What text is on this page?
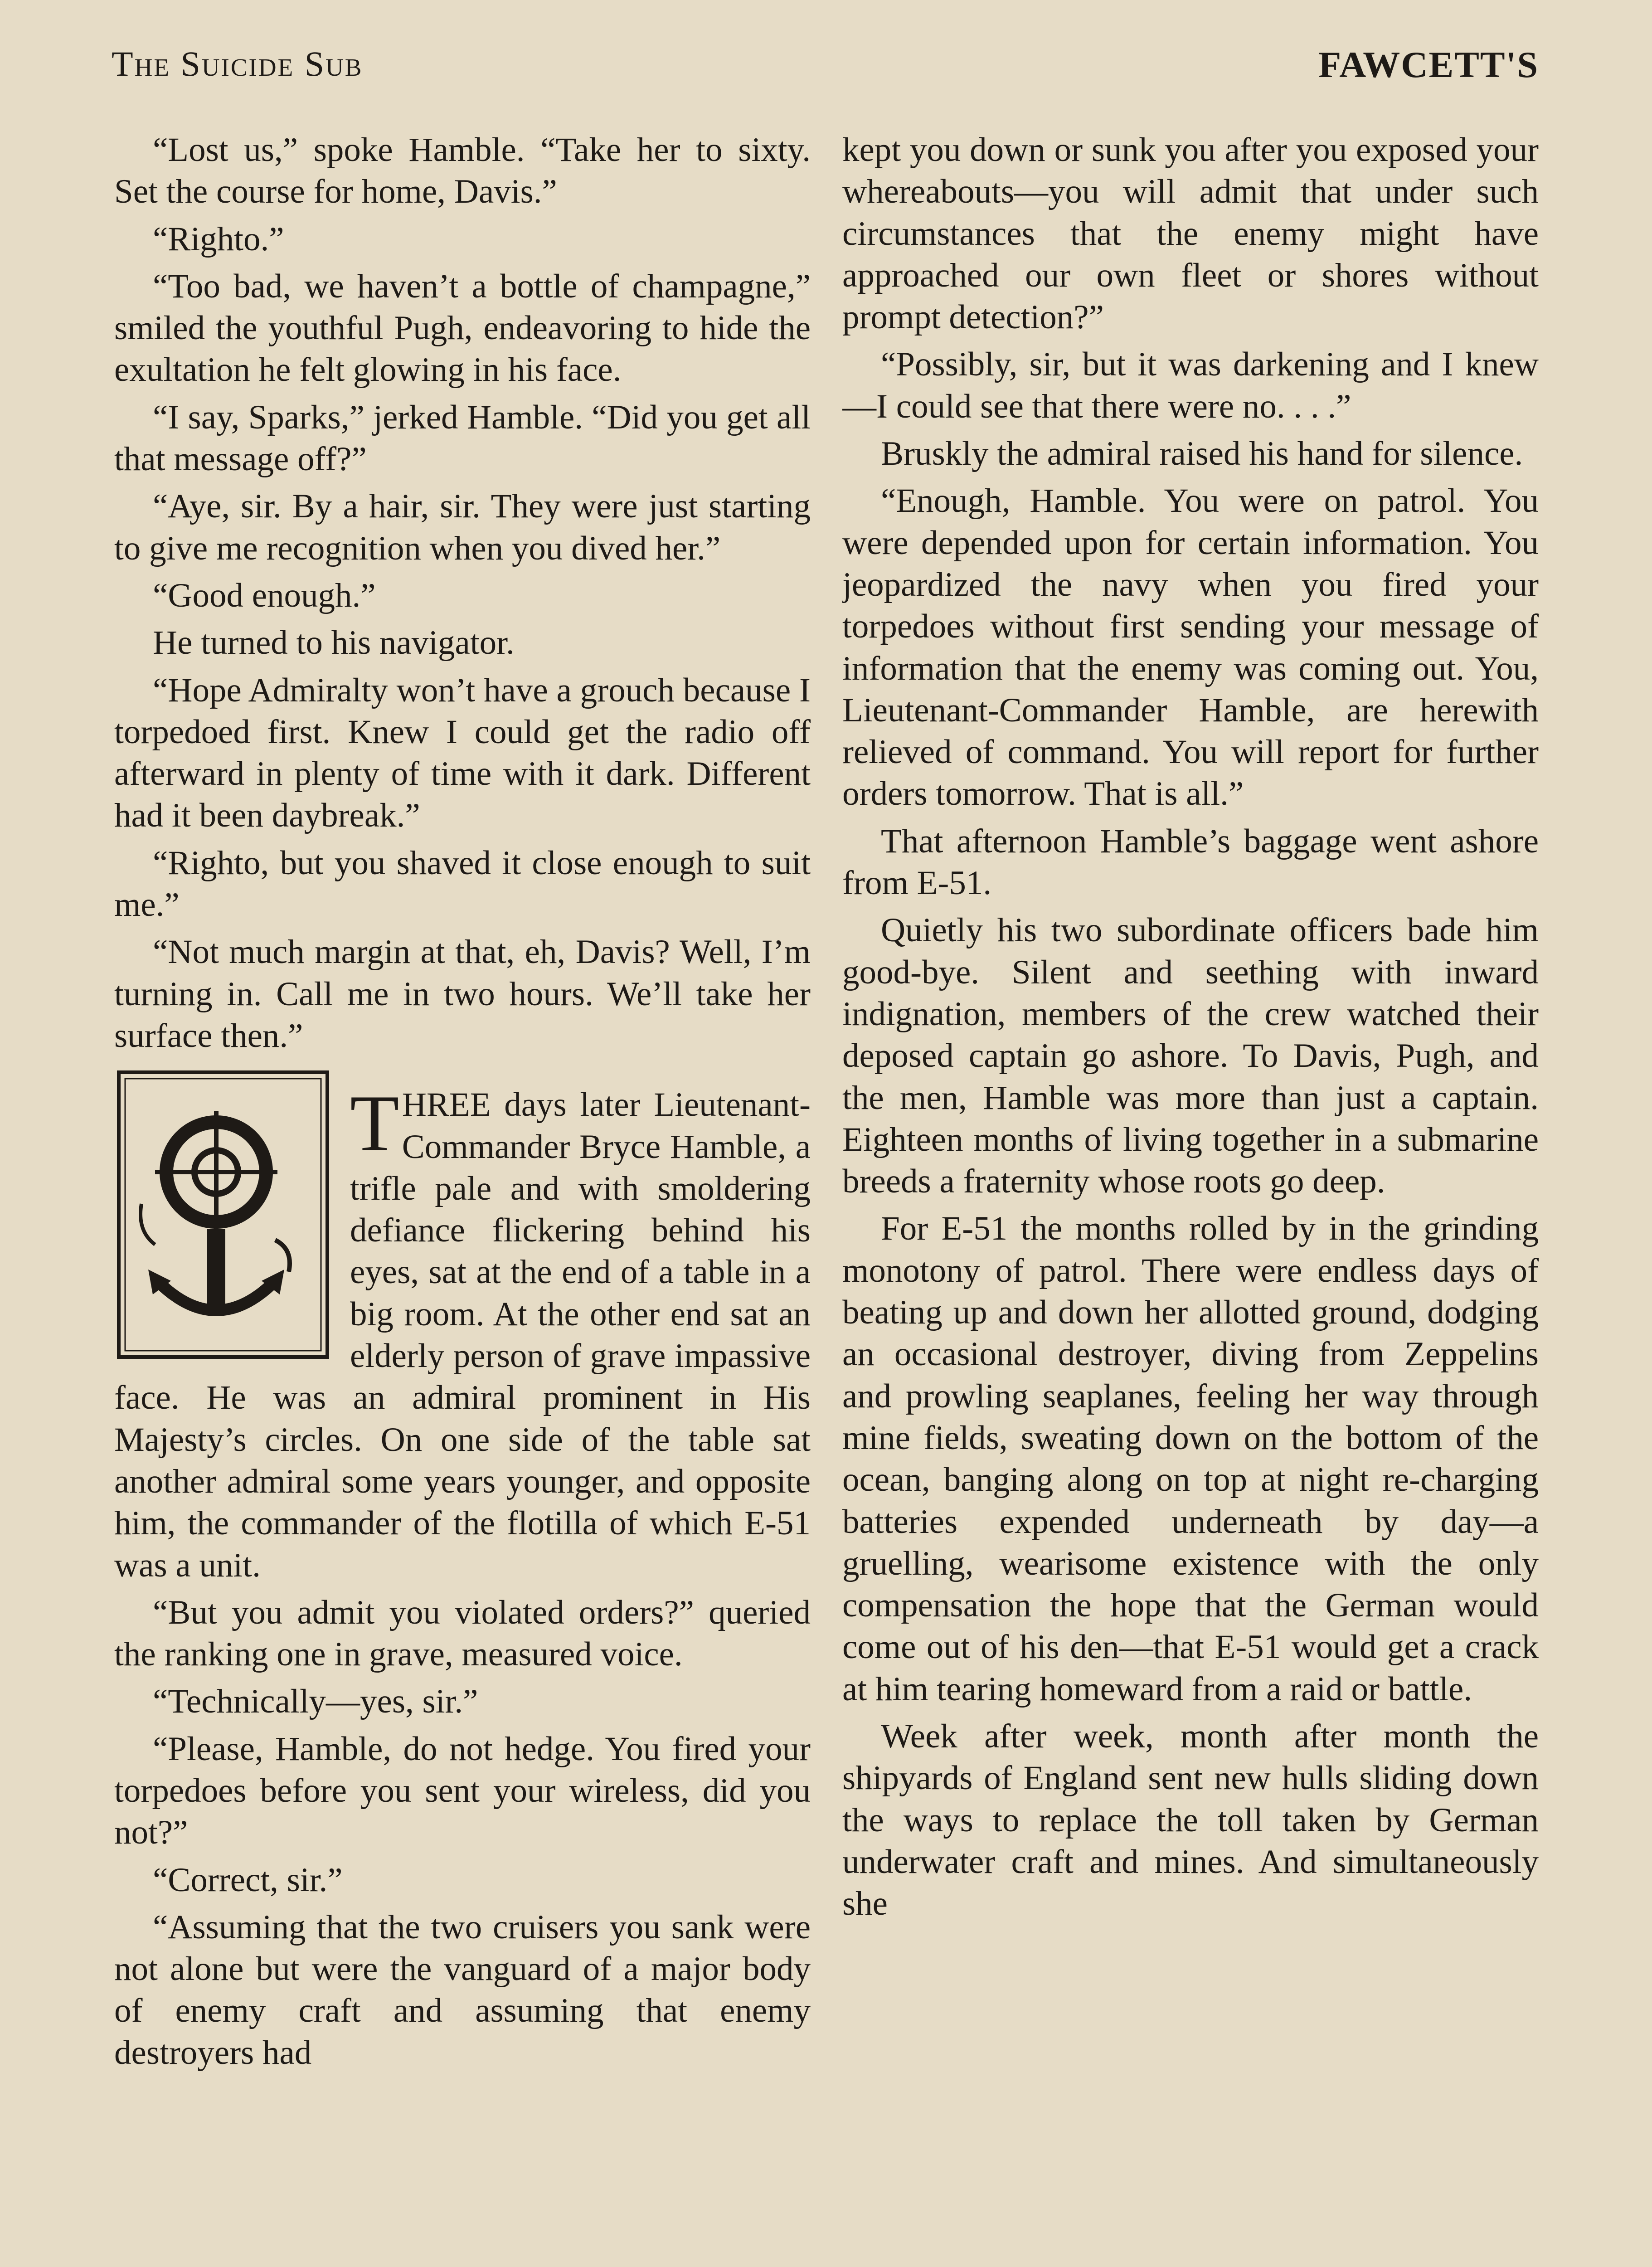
The Suicide Sub	FAWCETT'S

“Lost us,” spoke Hamble. “Take her to sixty. Set the course for home, Davis.”

“Righto.”

“Too bad, we haven’t a bottle of champagne,” smiled the youthful Pugh, endeavoring to hide the exultation he felt glowing in his face.

“I say, Sparks,” jerked Hamble. “Did you get all that message off?”

“Aye, sir. By a hair, sir. They were just starting to give me recognition when you dived her.”

“Good enough.”

He turned to his navigator.

“Hope Admiralty won’t have a grouch because I torpedoed first. Knew I could get the radio off afterward in plenty of time with it dark. Different had it been daybreak.”

“Righto, but you shaved it close enough to suit me.”

“Not much margin at that, eh, Davis? Well, I’m turning in. Call me in two hours. We’ll take her surface then.”

THREE days later Lieutenant-Commander Bryce Hamble, a trifle pale and with smoldering defiance flickering behind his eyes, sat at the end of a table in a big room. At the other end sat an elderly person of grave impassive face. He was an admiral prominent in His Majesty’s circles. On one side of the table sat another admiral some years younger, and opposite him, the commander of the flotilla of which E-51 was a unit.

“But you admit you violated orders?” queried the ranking one in grave, measured voice.

“Technically—yes, sir.”

“Please, Hamble, do not hedge. You fired your torpedoes before you sent your wireless, did you not?”

“Correct, sir.”

“Assuming that the two cruisers you sank were not alone but were the vanguard of a major body of enemy craft and assuming that enemy destroyers had

kept you down or sunk you after you exposed your whereabouts—you will admit that under such circumstances that the enemy might have approached our own fleet or shores without prompt detection?”

“Possibly, sir, but it was darkening and I knew—I could see that there were no. . . .”

Bruskly the admiral raised his hand for silence.

“Enough, Hamble. You were on patrol. You were depended upon for certain information. You jeopardized the navy when you fired your torpedoes without first sending your message of information that the enemy was coming out. You, Lieutenant-Commander Hamble, are herewith relieved of command. You will report for further orders tomorrow. That is all.”

That afternoon Hamble’s baggage went ashore from E-51.

Quietly his two subordinate officers bade him good-bye. Silent and seething with inward indignation, members of the crew watched their deposed captain go ashore. To Davis, Pugh, and the men, Hamble was more than just a captain. Eighteen months of living together in a submarine breeds a fraternity whose roots go deep.

For E-51 the months rolled by in the grinding monotony of patrol. There were endless days of beating up and down her allotted ground, dodging an occasional destroyer, diving from Zeppelins and prowling seaplanes, feeling her way through mine fields, sweating down on the bottom of the ocean, banging along on top at night re-charging batteries expended underneath by day—a gruelling, wearisome existence with the only compensation the hope that the German would come out of his den—that E-51 would get a crack at him tearing homeward from a raid or battle.

Week after week, month after month the shipyards of England sent new hulls sliding down the ways to replace the toll taken by German underwater craft and mines. And simultaneously she
